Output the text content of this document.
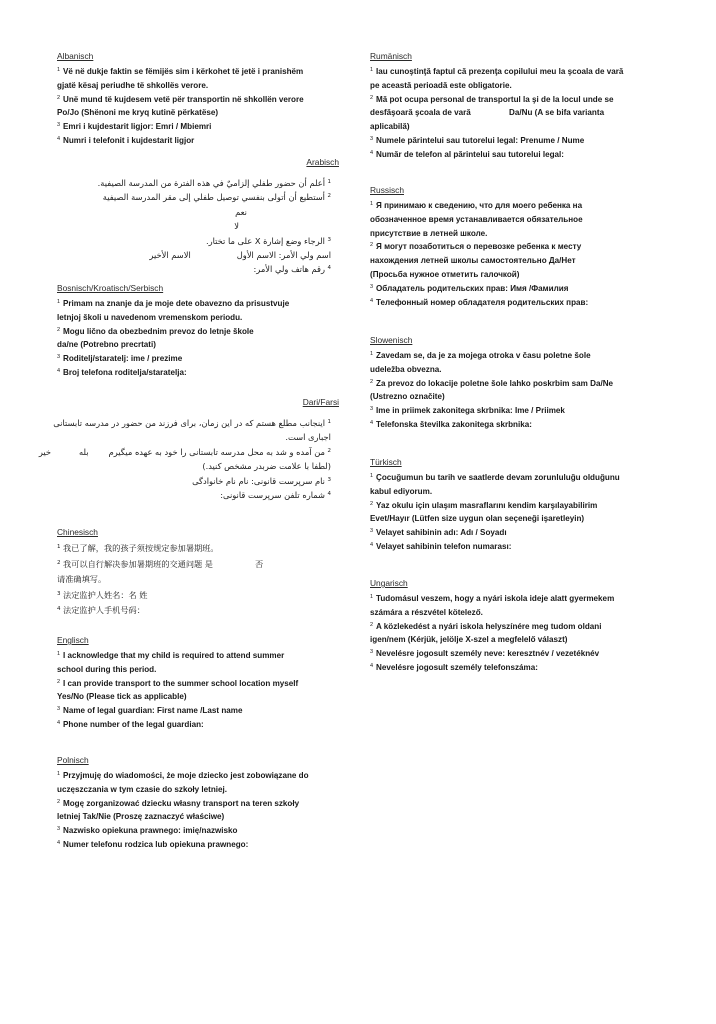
Albanisch
1 Vë në dukje faktin se fëmijës sim i kërkohet të jetë i pranishëm
gjatë kësaj periudhe të shkollës verore.
2 Unë mund të kujdesem vetë për transportin në shkollën verore
Po/Jo (Shënoni me kryq kutinë përkatëse)
3 Emri i kujdestarit ligjor: Emri / Mbiemri
4 Numri i telefonit i kujdestarit ligjor
Arabisch
1أعلم أن حضور طفلي إلزاميٌ في هذه الفترة من المدرسة الصيفية.
2أستطيع أن أتولى بنفسي توصيل طفلي إلى مقر المدرسة الصيفية
نعم
لا
3الرجاء وضع إشارة X على ما تختار.
اسم ولي الأمر: الاسم الأولالاسم الأخير
4رقم هاتف ولي الأمر:
Bosnisch/Kroatisch/Serbisch
1 Primam na znanje da je moje dete obavezno da prisustvuje
letnjoj školi u navedenom vremenskom periodu.
2 Mogu lično da obezbednim prevoz do letnje škole
da/ne (Potrebno precrtati)
3 Roditelj/staratelj: ime / prezime
4 Broj telefona roditelja/staratelja:
Dari/Farsi
1اینجانب مطلع هستم که در این زمان، برای فرزند من حضور در مدرسه تابستانی
اجباری است.
2من آمده و شد به محل مدرسه تابستانی را خود به عهده میگیرمبلهخیر
(لطفا با علامت ضربدر مشخص کنید.)
3نام سرپرست قانونی: نام نام خانوادگی
4شماره تلفن سرپرست قانونی:
Chinesisch
1 我已了解，我的孩子须按规定参加暑期班。
2 我可以自行解决参加暑期班的交通问题 是	否
请准确填写。
3 法定监护人姓名：名 姓
4 法定监护人手机号码：
Englisch
1 I acknowledge that my child is required to attend summer
school during this period.
2 I can provide transport to the summer school location myself
Yes/No (Please tick as applicable)
3 Name of legal guardian: First name /Last name
4 Phone number of the legal guardian:
Polnisch
1 Przyjmuję do wiadomości, że moje dziecko jest zobowiązane do
uczęszczania w tym czasie do szkoły letniej.
2 Mogę zorganizować dziecku własny transport na teren szkoły
letniej Tak/Nie (Proszę zaznaczyć właściwe)
3 Nazwisko opiekuna prawnego: imię/nazwisko
4 Numer telefonu rodzica lub opiekuna prawnego:
Rumänisch
1 Iau cunoştinţă faptul că prezenţa copilului meu la şcoala de vară
pe această perioadă este obligatorie.
2 Mă pot ocupa personal de transportul la şi de la locul unde se
desfăşoară şcoala de vară                 Da/Nu (A se bifa varianta
aplicabilă)
3 Numele părintelui sau tutorelui legal: Prenume / Nume
4 Număr de telefon al părintelui sau tutorelui legal:
Russisch
1 Я принимаю к сведению, что для моего ребенка на
обозначенное время устанавливается обязательное
присутствие в летней школе.
2 Я могут позаботиться о перевозке ребенка к месту
нахождения летней школы самостоятельно Да/Нет
(Просьба нужное отметить галочкой)
3 Обладатель родительских прав: Имя /Фамилия
4 Телефонный номер обладателя родительских прав:
Slowenisch
1 Zavedam se, da je za mojega otroka v času poletne šole
udeležba obvezna.
2 Za prevoz do lokacije poletne šole lahko poskrbim sam Da/Ne
(Ustrezno označite)
3 Ime in priimek zakonitega skrbnika: Ime / Priimek
4 Telefonska številka zakonitega skrbnika:
Türkisch
1 Çocuğumun bu tarih ve saatlerde devam zorunluluğu olduğunu
kabul ediyorum.
2 Yaz okulu için ulaşım masraflarını kendim karşılayabilirim
Evet/Hayır (Lütfen size uygun olan seçeneği işaretleyin)
3 Velayet sahibinin adı: Adı / Soyadı
4 Velayet sahibinin telefon numarası:
Ungarisch
1 Tudomásul veszem, hogy a nyári iskola ideje alatt gyermekem
számára a részvétel kötelező.
2 A közlekedést a nyári iskola helyszínére meg tudom oldani
igen/nem (Kérjük, jelölje X-szel a megfelelő választ)
3 Nevelésre jogosult személy neve: keresztnév / vezetéknév
4 Nevelésre jogosult személy telefonszáma:
